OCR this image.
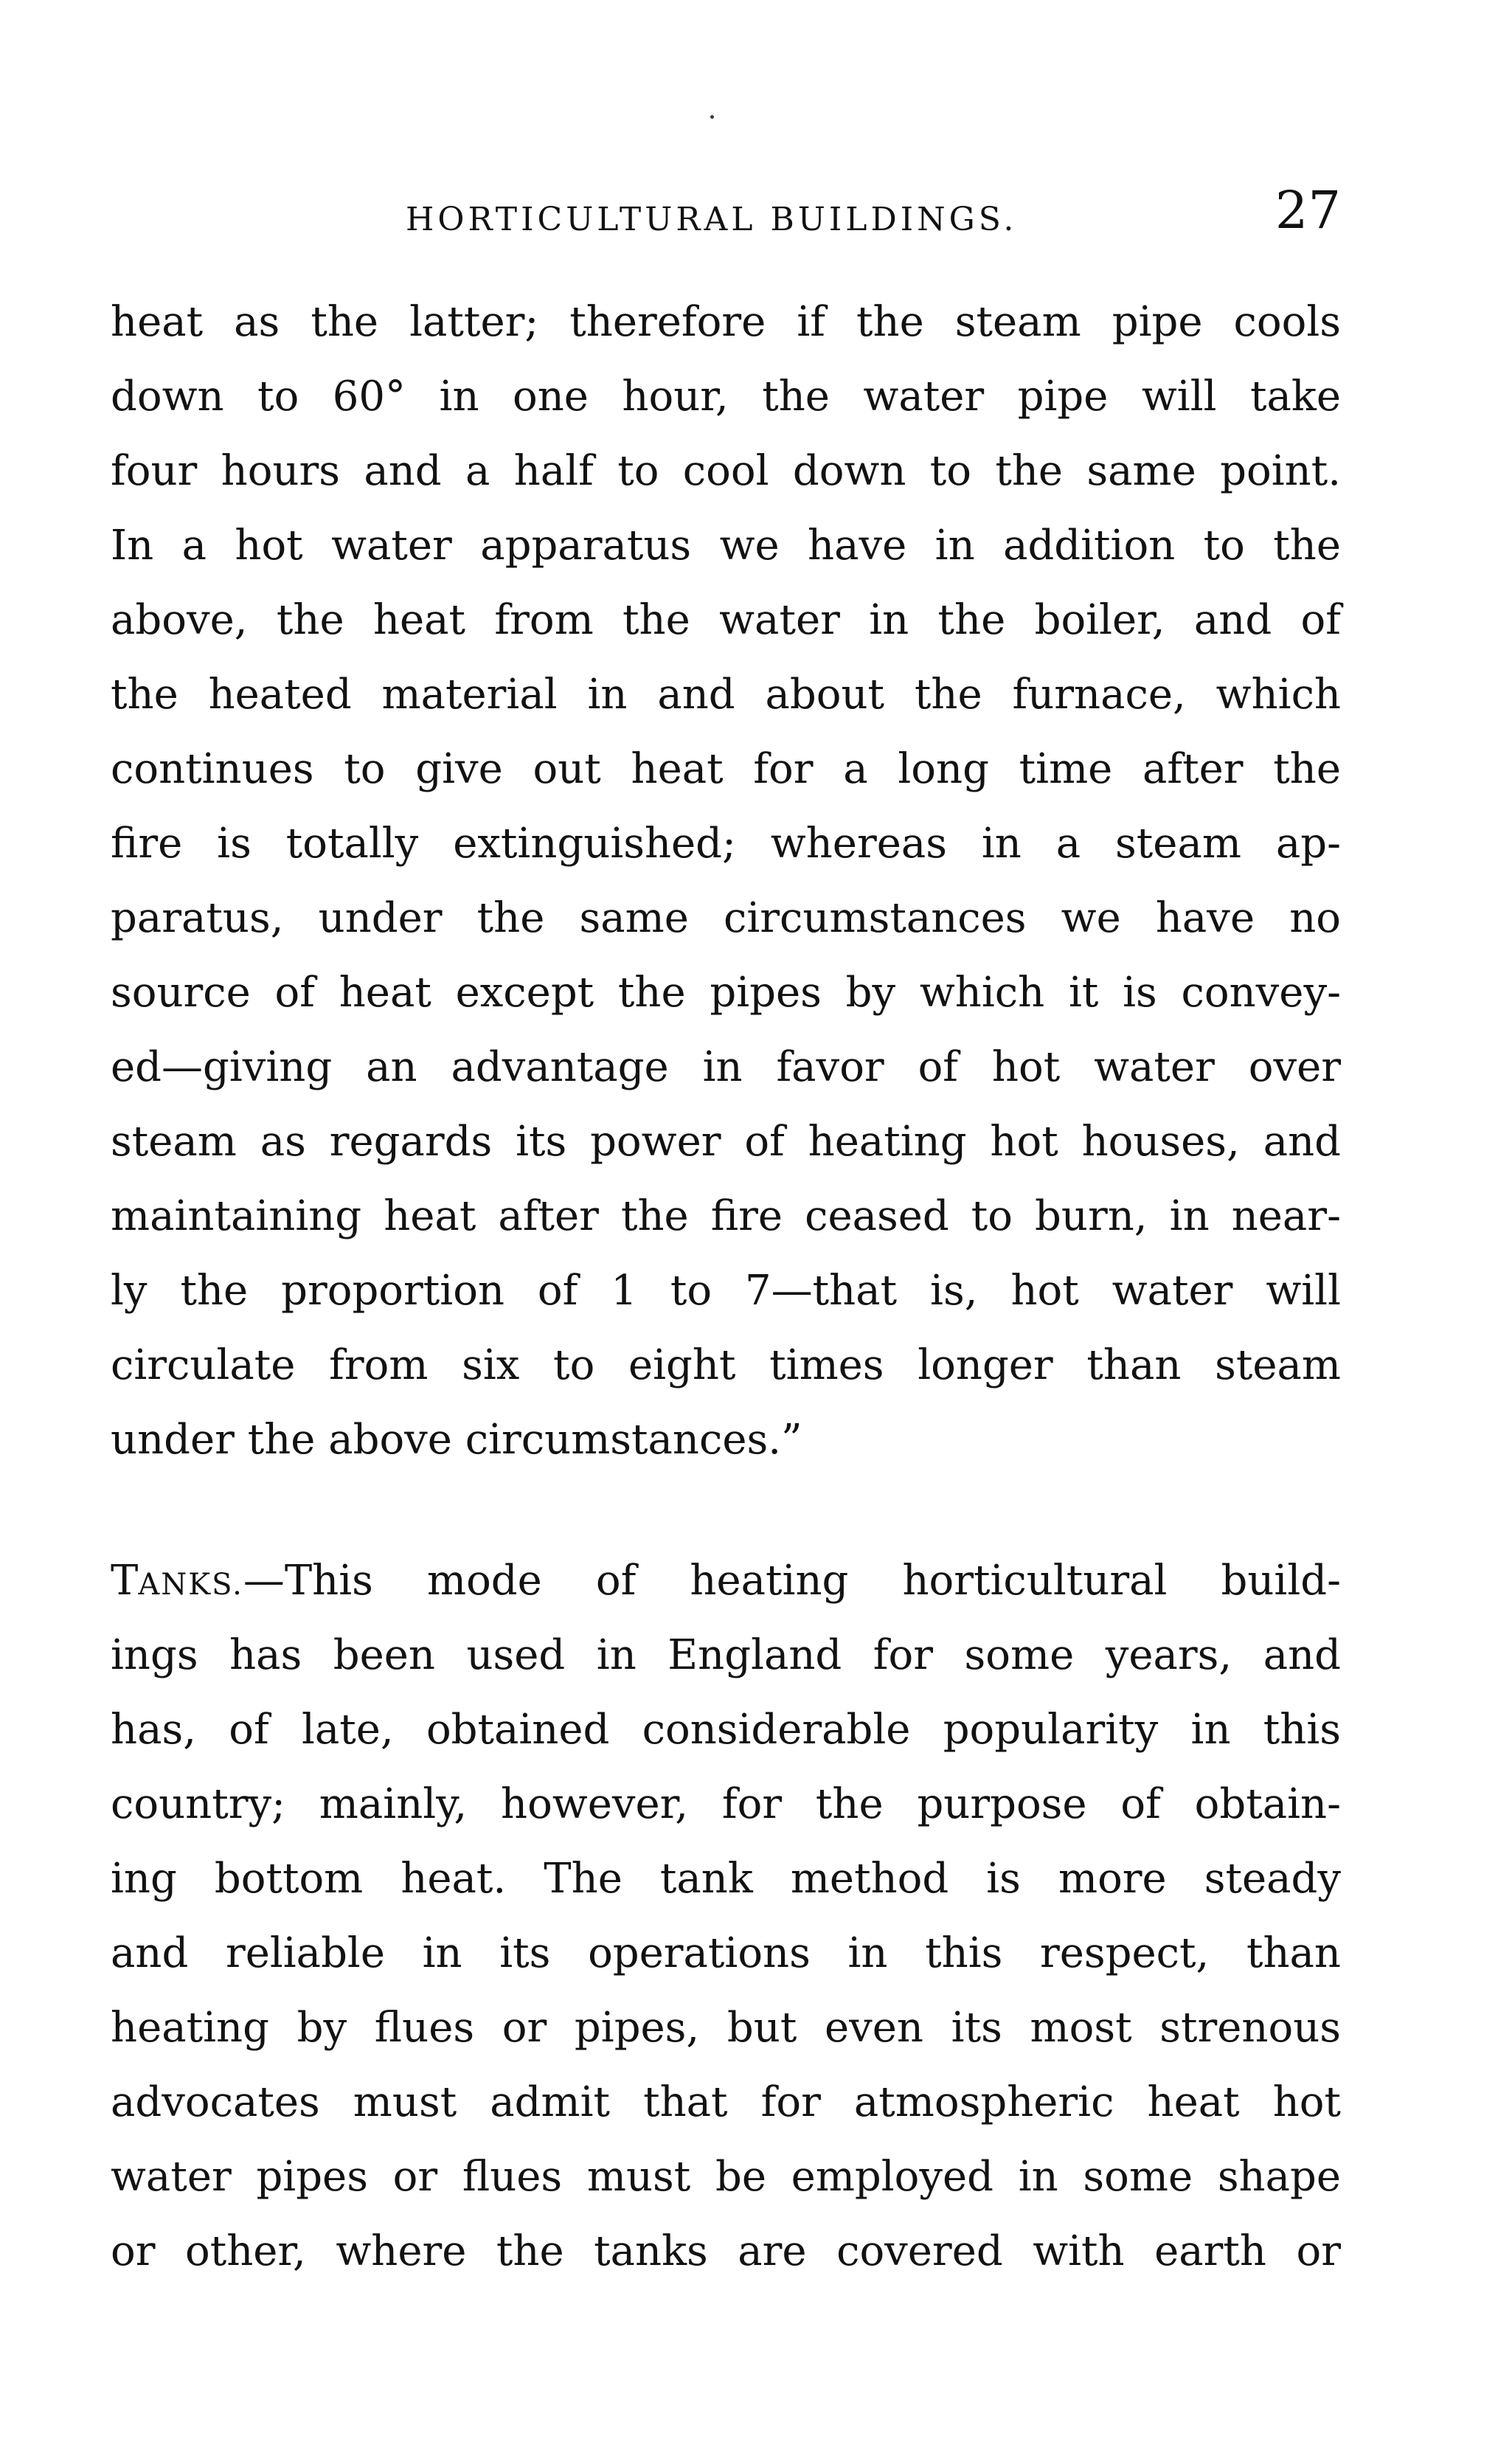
HORTICULTURAL BUILDINGS.	27
heat as the latter; therefore if the steam pipe cools
down to 60° in one hour, the water pipe will take
four hours and a half to cool down to the same point.
In a hot water apparatus we have in addition to the
above, the heat from the water in the boiler, and of
the heated material in and about the furnace, which
continues to give out heat for a long time after the
fire is totally extinguished; whereas in a steam ap-
paratus, under the same circumstances we have no
source of heat except the pipes by which it is convey-
ed—giving an advantage in favor of hot water over
steam as regards its power of heating hot houses, and
maintaining heat after the fire ceased to burn, in near-
ly the proportion of 1 to 7—that is, hot water will
circulate from six to eight times longer than steam
under the above circumstances.”
TANKS.—This mode of heating horticultural build-
ings has been used in England for some years, and
has, of late, obtained considerable popularity in this
country; mainly, however, for the purpose of obtain-
ing bottom heat. The tank method is more steady
and reliable in its operations in this respect, than
heating by flues or pipes, but even its most strenous
advocates must admit that for atmospheric heat hot
water pipes or flues must be employed in some shape
or other, where the tanks are covered with earth or
